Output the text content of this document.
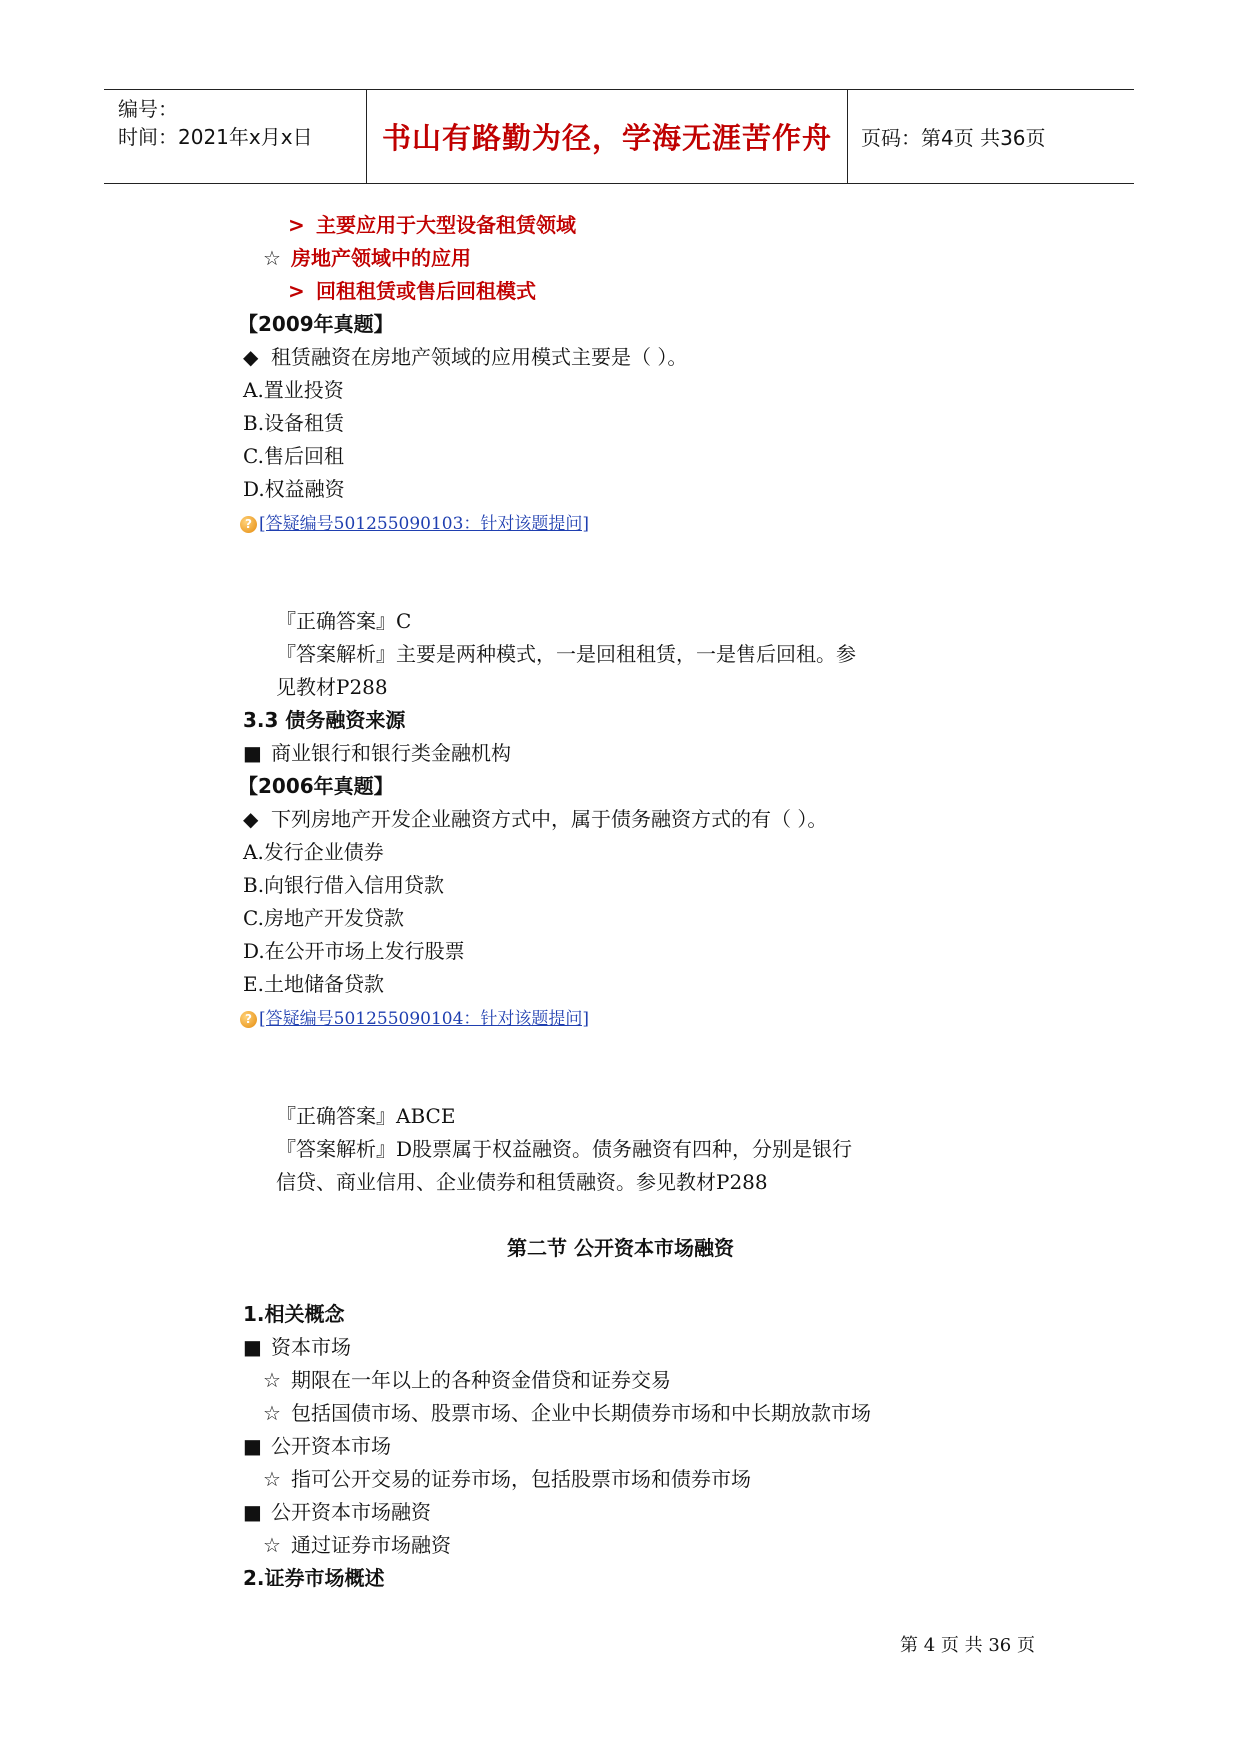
编号：
时间：2021年x月x日 书山有路勤为径，学海无涯苦作舟 页码：第4页 共36页
> 主要应用于大型设备租赁领域
☆ 房地产领域中的应用
> 回租租赁或售后回租模式
【2009年真题】
◆ 租赁融资在房地产领域的应用模式主要是（ ）。
A.置业投资
B.设备租赁
C.售后回租
D.权益融资
? [答疑编号501255090103：针对该题提问]
『正确答案』C
『答案解析』主要是两种模式，一是回租租赁，一是售后回租。参
见教材P288
3.3 债务融资来源
■ 商业银行和银行类金融机构
【2006年真题】
◆ 下列房地产开发企业融资方式中，属于债务融资方式的有（ ）。
A.发行企业债券
B.向银行借入信用贷款
C.房地产开发贷款
D.在公开市场上发行股票
E.土地储备贷款
? [答疑编号501255090104：针对该题提问]
『正确答案』ABCE
『答案解析』D股票属于权益融资。债务融资有四种，分别是银行
信贷、商业信用、企业债券和租赁融资。参见教材P288
第二节 公开资本市场融资
1.相关概念
■ 资本市场
☆ 期限在一年以上的各种资金借贷和证券交易
☆ 包括国债市场、股票市场、企业中长期债券市场和中长期放款市场
■ 公开资本市场
☆ 指可公开交易的证券市场，包括股票市场和债券市场
■ 公开资本市场融资
☆ 通过证券市场融资
2.证券市场概述
第 4 页 共 36 页
